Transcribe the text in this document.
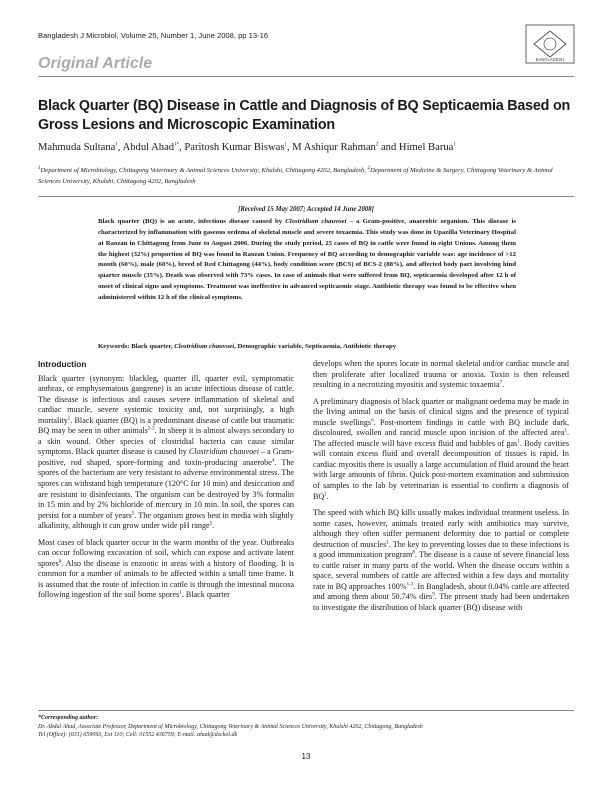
Bangladesh J Microbiol, Volume 25, Number 1, June 2008, pp 13-16
BANGLADESH
Original Article
Black Quarter (BQ) Disease in Cattle and Diagnosis of BQ Septicaemia Based on Gross Lesions and Microscopic Examination
Mahmuda Sultana$^1$, Abdul Ahad$^{1*}$, Paritosh Kumar Biswas$^1$, M Ashiqur Rahman$^2$ and Himel Barua$^1$
$^1$Department of Microbiology, Chittagong Veterinary & Animal Sciences University, Khulshi, Chittagong 4202, Bangladesh, $^2$Department of Medicine & Surgery, Chittagong Veterinary & Animal Sciences University, Khulshi, Chittagong 4202, Bangladesh
[Received 15 May 2007; Accepted 14 June 2008]
Black quarter (BQ) is an acute, infectious disease caused by Clostridium chauvoei – a Gram-positive, anaerobic organism. This disease is characterized by inflammation with gaseous oedema of skeletal muscle and severe toxaemia. This study was done in Upazilla Veterinary Hospital at Raozan in Chittagong from June to August 2006. During the study period, 25 cases of BQ in cattle were found in eight Unions. Among them the highest (32%) proportion of BQ was found in Raozan Union. Frequency of BQ according to demographic variable was: age incidence of >12 month (60%), male (60%), breed of Red Chittagong (44%), body condition score (BCS) of BCS-2 (88%), and affected body part involving hind quarter muscle (35%). Death was observed with 73% cases. In case of animals that were suffered from BQ, septicaemia developed after 12 h of onset of clinical signs and symptoms. Treatment was ineffective in advanced septicaemic stage. Antibiotic therapy was found to be effective when administered within 12 h of the clinical symptoms.
Keywords: Black quarter, Clostridium chauvoei, Demographic variable, Septicaemia, Antibiotic therapy
Introduction

Black quarter (synonym: blackleg, quarter ill, quarter evil, symptomatic anthrax, or emphysematous gangrene) is an acute infectious disease of cattle. The disease is infectious and causes severe inflammation of skeletal and cardiac muscle, severe systemic toxicity and, not surprisingly, a high mortality$^1$. Black quarter (BQ) is a predominant disease of cattle but traumatic BQ may be seen in other animals$^{2-3}$. In sheep it is almost always secondary to a skin wound. Other species of clostridial bacteria can cause similar symptoms. Black quarter disease is caused by Clostridium chauvoei – a Gram-positive, rod shaped, spore-forming and toxin-producing anaerobe$^4$. The spores of the bacterium are very resistant to adverse environmental stress. The spores can withstand high temperature (120°C for 10 min) and desiccation and are resistant to disinfectants. The organism can be destroyed by 3% formalin in 15 min and by 2% bichloride of mercury in 10 min. In soil, the spores can persist for a number of years$^5$. The organism grows best in media with slightly alkalinity, although it can grow under wide pH range$^5$.

Most cases of black quarter occur in the warm months of the year. Outbreaks can occur following excavation of soil, which can expose and activate latent spores$^6$. Also the disease is enzootic in areas with a history of flooding. It is common for a number of animals to be affected within a small time frame. It is assumed that the route of infection in cattle is through the intestinal mucosa following ingestion of the soil borne spores$^1$. Black quarter

develops when the spores locate in normal skeletal and/or cardiac muscle and then proliferate after localized trauma or anoxia. Toxin is then released resulting in a necrotizing myositis and systemic toxaemia$^7$.

A preliminary diagnosis of black quarter or malignant oedema may be made in the living animal on the basis of clinical signs and the presence of typical muscle swellings$^6$. Post-mortem findings in cattle with BQ include dark, discoloured, swollen and rancid muscle upon incision of the affected area$^1$. The affected muscle will have excess fluid and bubbles of gas$^1$. Body cavities will contain excess fluid and overall decomposition of tissues is rapid. In cardiac myositis there is usually a large accumulation of fluid around the heart with large amounts of fibrin. Quick post-mortem examination and submission of samples to the lab by veterinarian is essential to confirm a diagnosis of $BQ^1$.

The speed with which BQ kills usually makes individual treatment useless. In some cases, however, animals treated early with antibiotics may survive, although they often suffer permanent deformity due to partial or complete destruction of muscles$^1$. The key to preventing losses due to these infections is a good immunization program$^8$. The disease is a cause of severe financial loss to cattle raiser in many parts of the world. When the disease occurs within a space, several numbers of cattle are affected within a few days and mortality rate in BQ approaches 100%$^{1-3}$. In Bangladesh, about 0.04% cattle are affected and among them about 50.74% dies$^9$. The present study had been undertaken to investigate the distribution of black quarter (BQ) disease with

*Corresponding author:
Dr. Abdul Ahad, Associate Professor, Department of Microbiology, Chittagong Veterinary & Animal Sciences University, Khulshi 4202, Chittagong, Bangladesh
Tel (Office): (031) 659093, Ext 110; Cell: 01552 436759; E-mail: ahad@dsckol.dk
13
